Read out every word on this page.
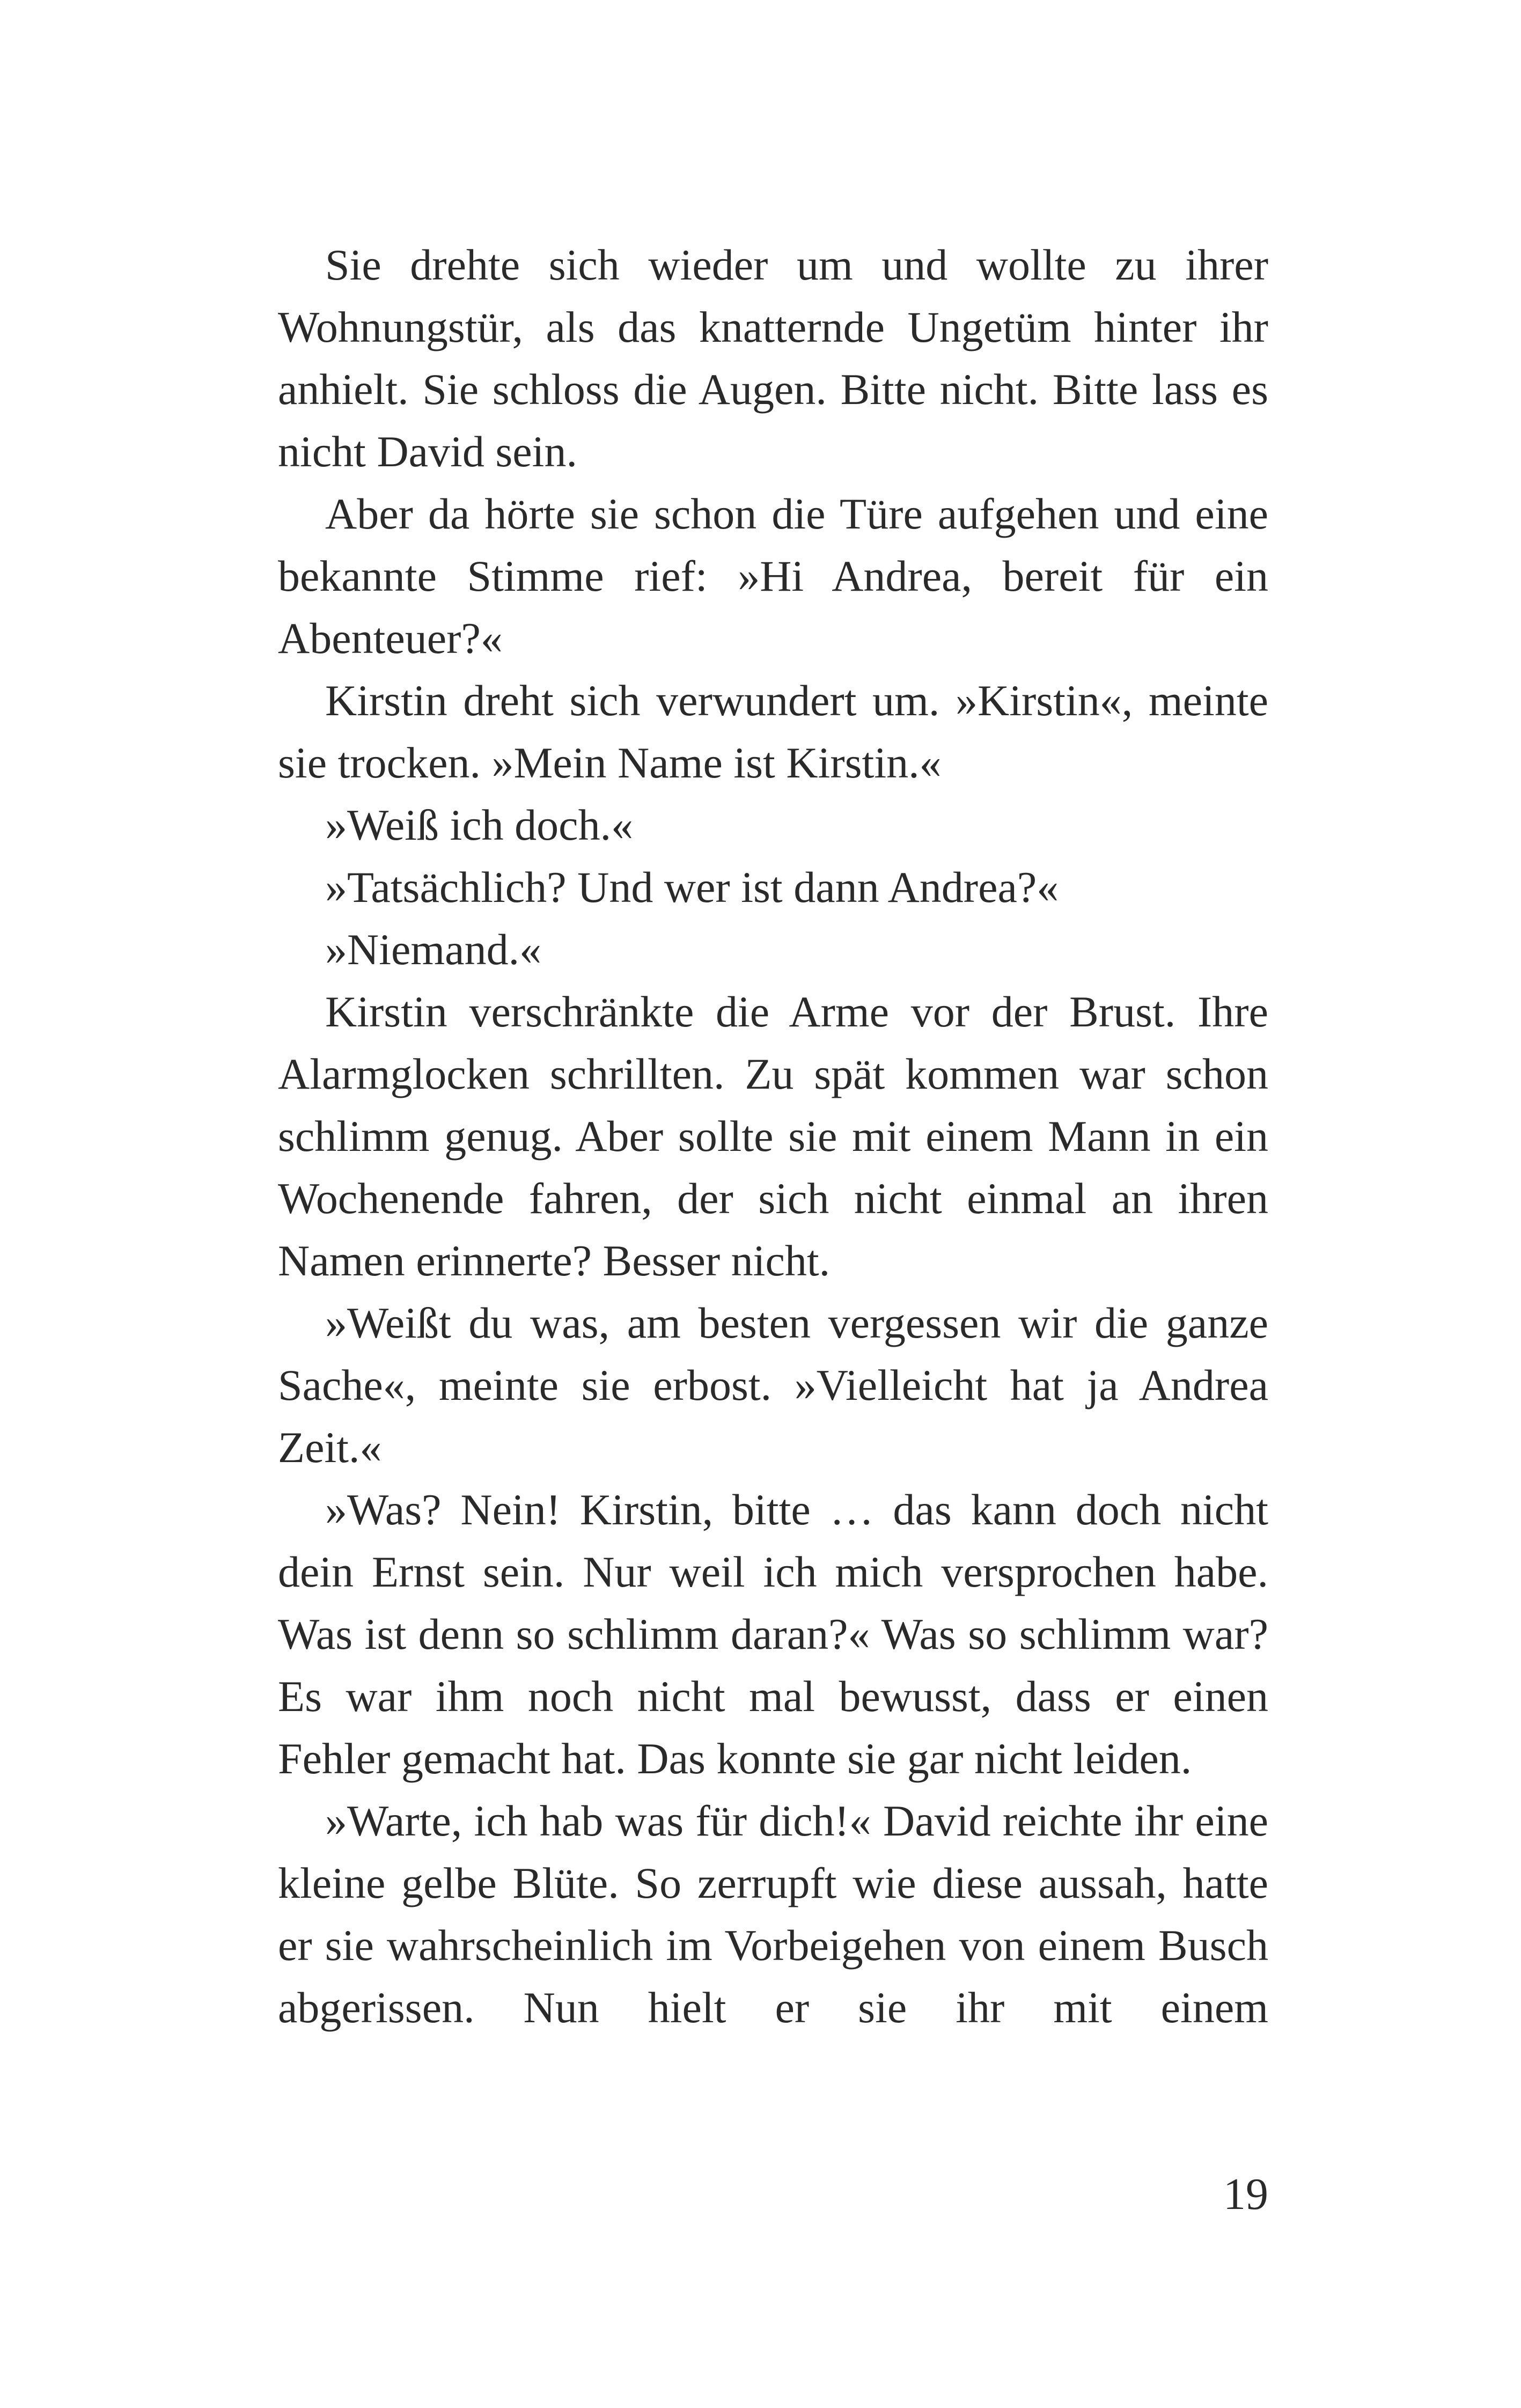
Sie drehte sich wieder um und wollte zu ihrer Wohnungstür, als das knatternde Ungetüm hinter ihr anhielt. Sie schloss die Augen. Bitte nicht. Bitte lass es nicht David sein.

Aber da hörte sie schon die Türe aufgehen und eine bekannte Stimme rief: »Hi Andrea, bereit für ein Abenteuer?«

Kirstin dreht sich verwundert um. »Kirstin«, meinte sie trocken. »Mein Name ist Kirstin.«

»Weiß ich doch.«

»Tatsächlich? Und wer ist dann Andrea?«

»Niemand.«

Kirstin verschränkte die Arme vor der Brust. Ihre Alarmglocken schrillten. Zu spät kommen war schon schlimm genug. Aber sollte sie mit einem Mann in ein Wochenende fahren, der sich nicht einmal an ihren Namen erinnerte? Besser nicht.

»Weißt du was, am besten vergessen wir die ganze Sache«, meinte sie erbost. »Vielleicht hat ja Andrea Zeit.«

»Was? Nein! Kirstin, bitte … das kann doch nicht dein Ernst sein. Nur weil ich mich versprochen habe. Was ist denn so schlimm daran?« Was so schlimm war? Es war ihm noch nicht mal bewusst, dass er einen Fehler gemacht hat. Das konnte sie gar nicht leiden.

»Warte, ich hab was für dich!« David reichte ihr eine kleine gelbe Blüte. So zerrupft wie diese aussah, hatte er sie wahrscheinlich im Vorbeigehen von einem Busch abgerissen. Nun hielt er sie ihr mit einem

19
